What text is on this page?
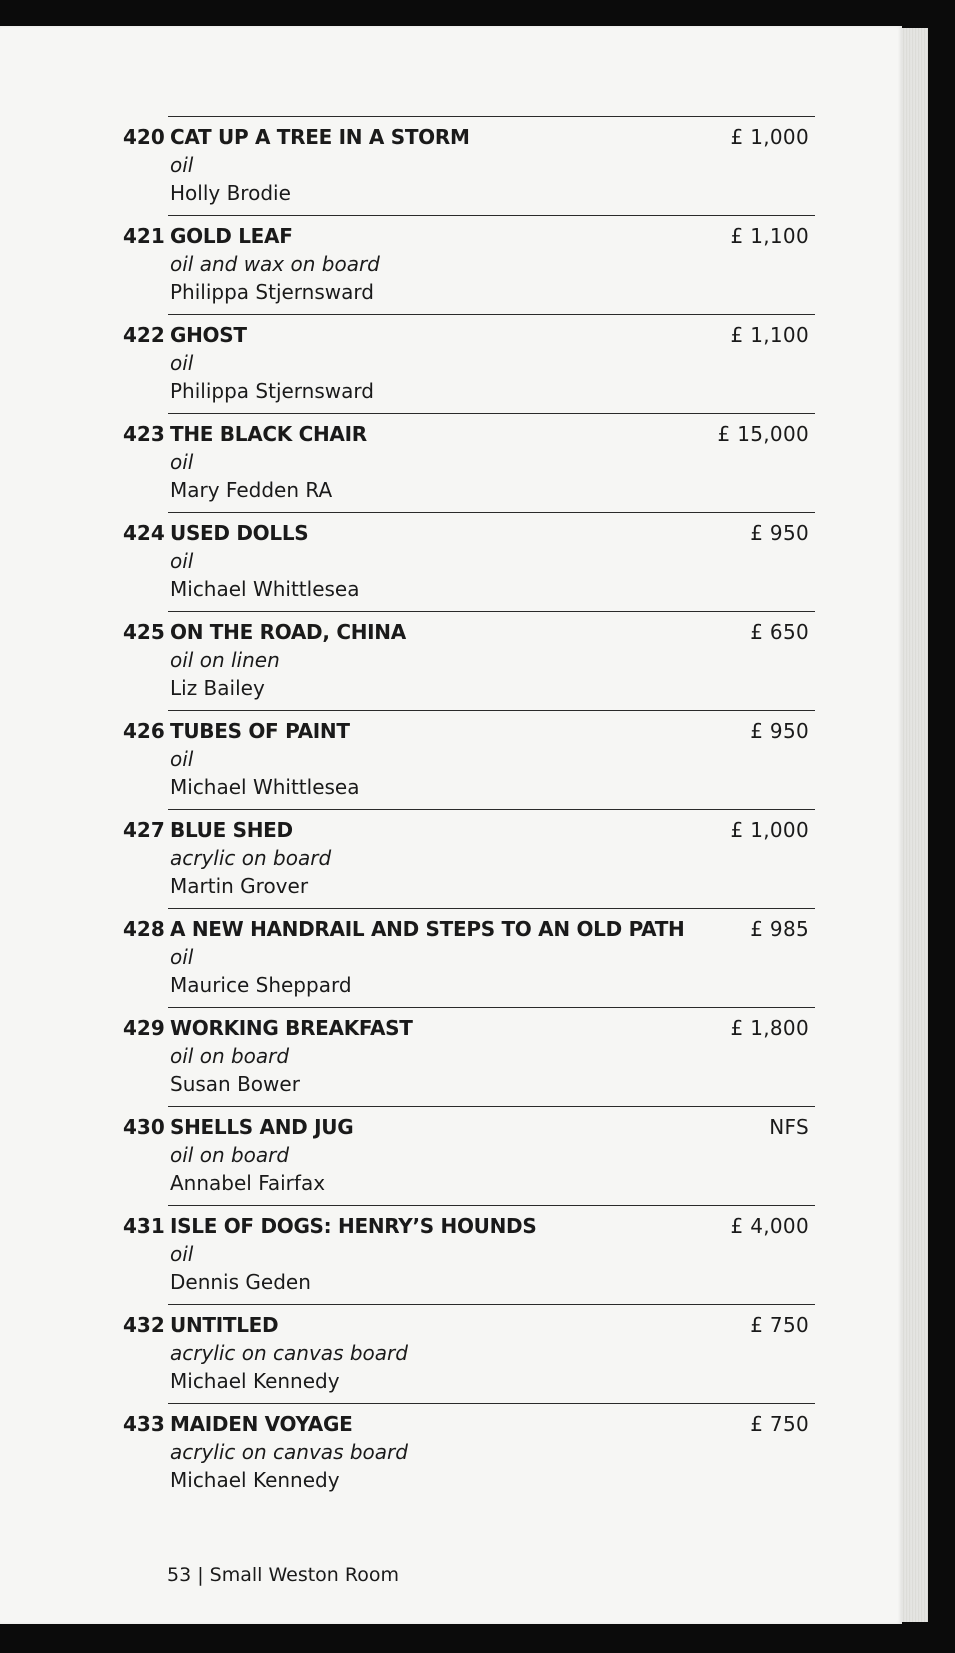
420 CAT UP A TREE IN A STORM
oil
Holly Brodie
£ 1,000
421 GOLD LEAF
oil and wax on board
Philippa Stjernsward
£ 1,100
422 GHOST
oil
Philippa Stjernsward
£ 1,100
423 THE BLACK CHAIR
oil
Mary Fedden RA
£ 15,000
424 USED DOLLS
oil
Michael Whittlesea
£ 950
425 ON THE ROAD, CHINA
oil on linen
Liz Bailey
£ 650
426 TUBES OF PAINT
oil
Michael Whittlesea
£ 950
427 BLUE SHED
acrylic on board
Martin Grover
£ 1,000
428 A NEW HANDRAIL AND STEPS TO AN OLD PATH
oil
Maurice Sheppard
£ 985
429 WORKING BREAKFAST
oil on board
Susan Bower
£ 1,800
430 SHELLS AND JUG
oil on board
Annabel Fairfax
NFS
431 ISLE OF DOGS: HENRY’S HOUNDS
oil
Dennis Geden
£ 4,000
432 UNTITLED
acrylic on canvas board
Michael Kennedy
£ 750
433 MAIDEN VOYAGE
acrylic on canvas board
Michael Kennedy
£ 750
53 | Small Weston Room
